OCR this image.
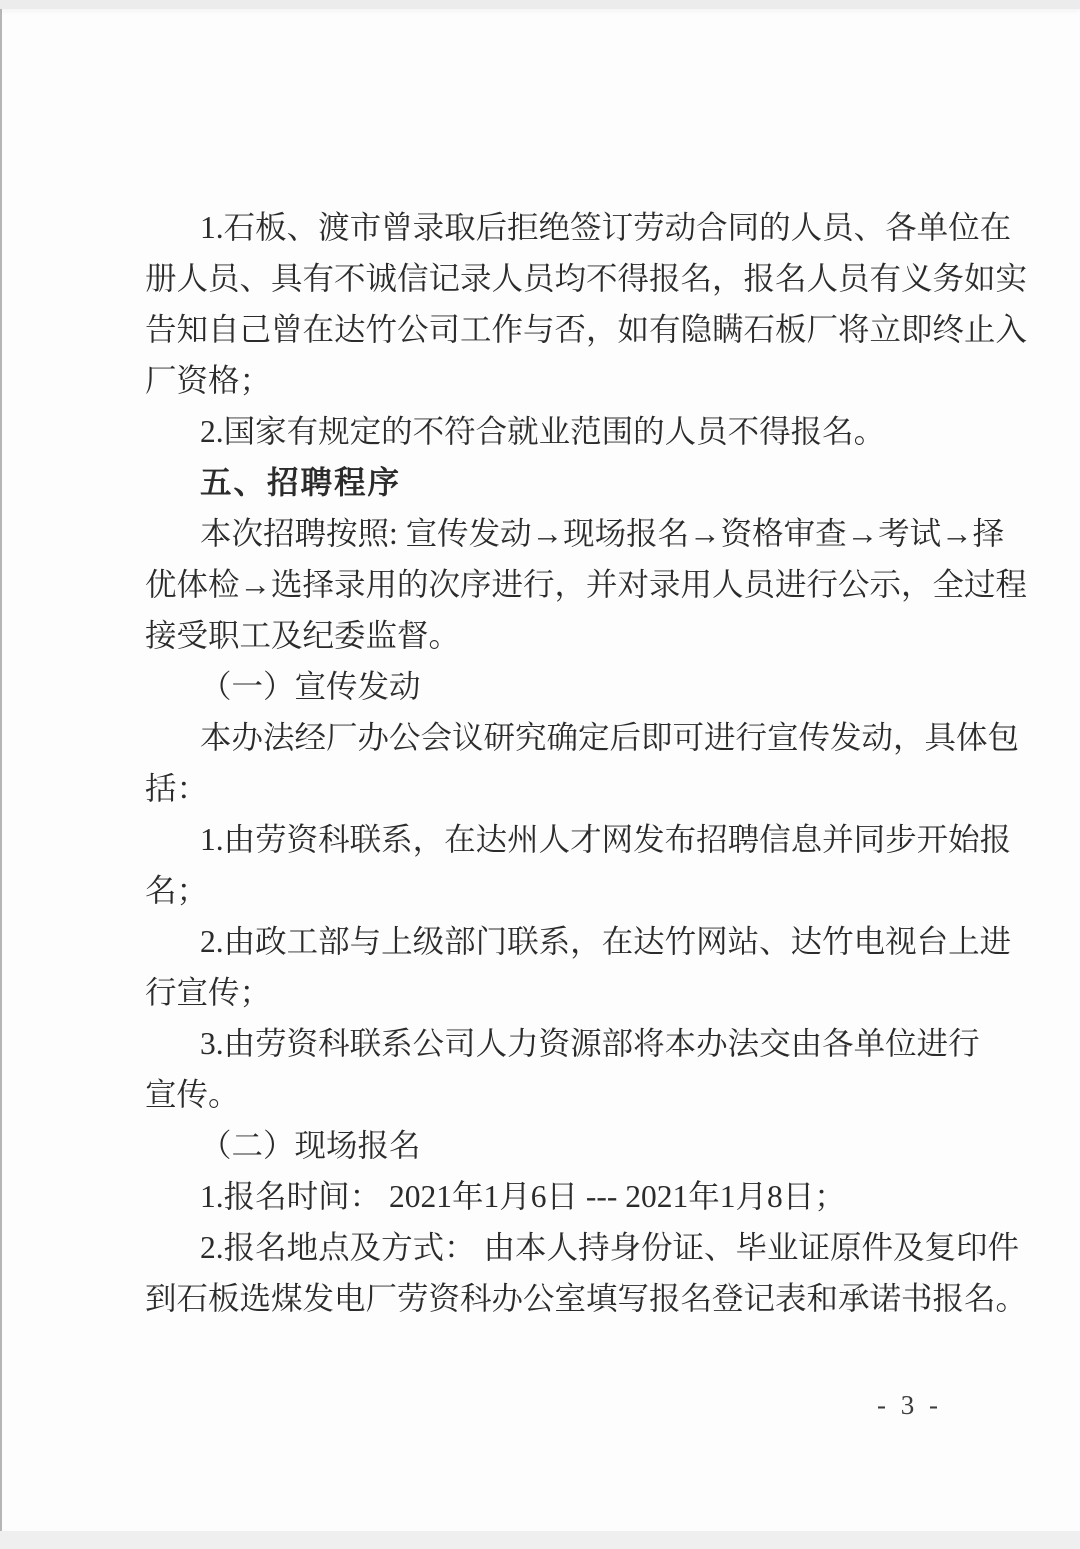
1.石板、渡市曾录取后拒绝签订劳动合同的人员、各单位在

册人员、具有不诚信记录人员均不得报名，报名人员有义务如实

告知自己曾在达竹公司工作与否，如有隐瞒石板厂将立即终止入

厂资格；

2.国家有规定的不符合就业范围的人员不得报名。

五、招聘程序

本次招聘按照: 宣传发动→现场报名→资格审查→考试→择

优体检→选择录用的次序进行，并对录用人员进行公示，全过程

接受职工及纪委监督。

（一）宣传发动

本办法经厂办公会议研究确定后即可进行宣传发动，具体包

括：

1.由劳资科联系，在达州人才网发布招聘信息并同步开始报

名；

2.由政工部与上级部门联系，在达竹网站、达竹电视台上进

行宣传；

3.由劳资科联系公司人力资源部将本办法交由各单位进行

宣传。

（二）现场报名

1.报名时间： 2021年1月6日 --- 2021年1月8日；

2.报名地点及方式： 由本人持身份证、毕业证原件及复印件

到石板选煤发电厂劳资科办公室填写报名登记表和承诺书报名。

- 3 -
